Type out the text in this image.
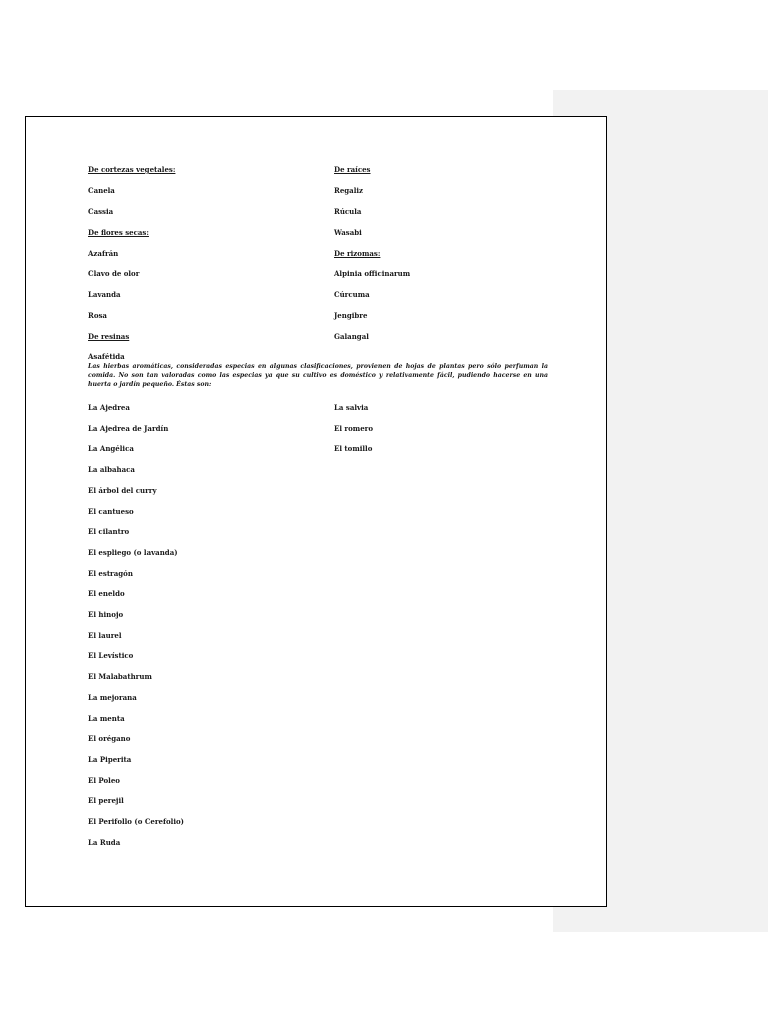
De cortezas vegetales:
Canela
Cassia
De flores secas:
Azafrán
Clavo de olor
Lavanda
Rosa
De resinas
Asafétida
De raíces
Regaliz
Rúcula
Wasabi
De rizomas:
Alpinia officinarum
Cúrcuma
Jengibre
Galangal
Las hierbas aromáticas, consideradas especias en algunas clasificaciones, provienen de hojas de plantas pero sólo perfuman la comida. No son tan valoradas como las especias ya que su cultivo es doméstico y relativamente fácil, pudiendo hacerse en una huerta o jardín pequeño. Éstas son:
La Ajedrea
La Ajedrea de Jardín
La Angélica
La albahaca
El árbol del curry
El cantueso
El cilantro
El espliego (o lavanda)
El estragón
El eneldo
El hinojo
El laurel
El Levístico
El Malabathrum
La mejorana
La menta
El orégano
La Piperita
El Poleo
El perejil
El Perifollo (o Cerefolio)
La Ruda
La salvia
El romero
El tomillo
